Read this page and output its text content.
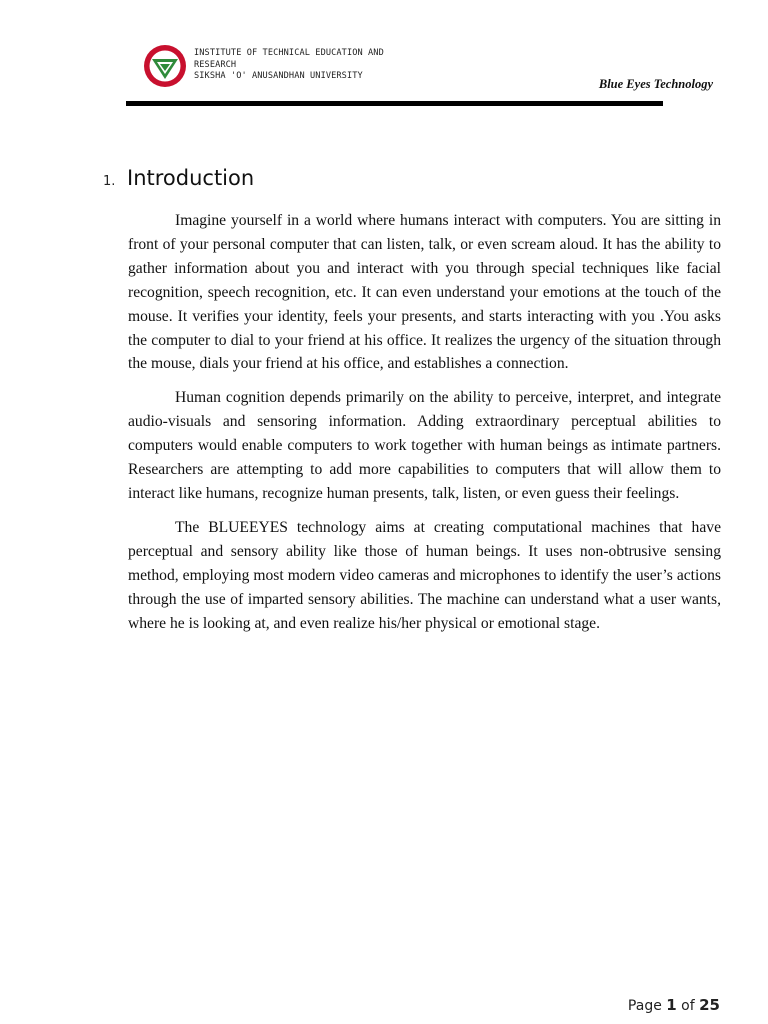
INSTITUTE OF TECHNICAL EDUCATION AND
RESEARCH
SIKSHA 'O' ANUSANDHAN UNIVERSITY
Blue Eyes Technology
1. Introduction

Imagine yourself in a world where humans interact with computers. You are sitting in front of your personal computer that can listen, talk, or even scream aloud. It has the ability to gather information about you and interact with you through special techniques like facial recognition, speech recognition, etc. It can even understand your emotions at the touch of the mouse. It verifies your identity, feels your presents, and starts interacting with you .You asks the computer to dial to your friend at his office. It realizes the urgency of the situation through the mouse, dials your friend at his office, and establishes a connection.

Human cognition depends primarily on the ability to perceive, interpret, and integrate audio-visuals and sensoring information. Adding extraordinary perceptual abilities to computers would enable computers to work together with human beings as intimate partners. Researchers are attempting to add more capabilities to computers that will allow them to interact like humans, recognize human presents, talk, listen, or even guess their feelings.

The BLUEEYES technology aims at creating computational machines that have perceptual and sensory ability like those of human beings. It uses non-obtrusive sensing method, employing most modern video cameras and microphones to identify the user’s actions through the use of imparted sensory abilities. The machine can understand what a user wants, where he is looking at, and even realize his/her physical or emotional stage.

Page 1 of 25
